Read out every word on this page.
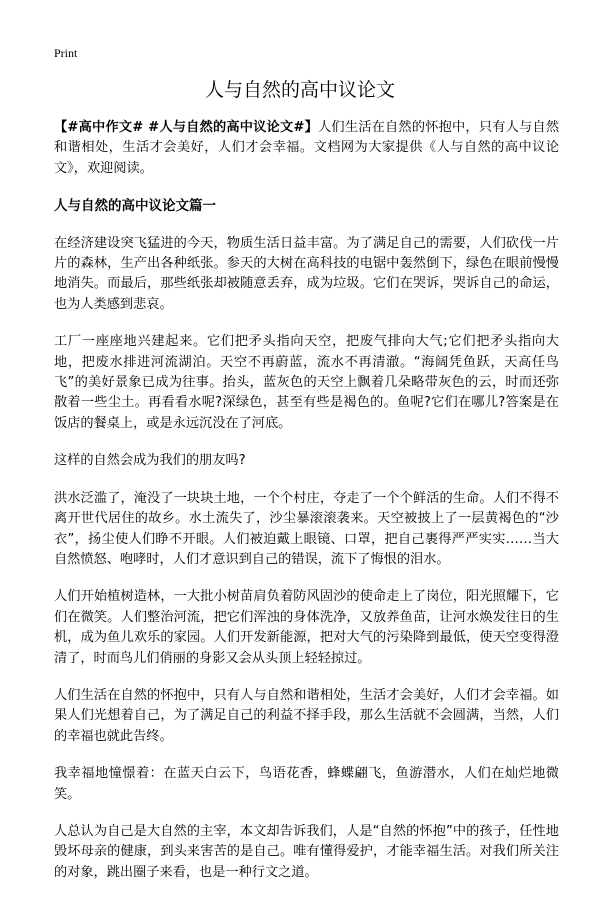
Print
人与自然的高中议论文

【#高中作文# #人与自然的高中议论文#】人们生活在自然的怀抱中，只有人与自然和谐相处，生活才会美好，人们才会幸福。文档网为大家提供《人与自然的高中议论文》，欢迎阅读。

人与自然的高中议论文篇一

在经济建设突飞猛进的今天，物质生活日益丰富。为了满足自己的需要，人们砍伐一片片的森林，生产出各种纸张。参天的大树在高科技的电锯中轰然倒下，绿色在眼前慢慢地消失。而最后，那些纸张却被随意丢弃，成为垃圾。它们在哭诉，哭诉自己的命运，也为人类感到悲哀。

工厂一座座地兴建起来。它们把矛头指向天空，把废气排向大气;它们把矛头指向大地，把废水排进河流湖泊。天空不再蔚蓝，流水不再清澈。“海阔凭鱼跃，天高任鸟飞”的美好景象已成为往事。抬头，蓝灰色的天空上飘着几朵略带灰色的云，时而还弥散着一些尘土。再看看水呢?深绿色，甚至有些是褐色的。鱼呢?它们在哪儿?答案是在饭店的餐桌上，或是永远沉没在了河底。

这样的自然会成为我们的朋友吗?

洪水泛滥了，淹没了一块块土地，一个个村庄，夺走了一个个鲜活的生命。人们不得不离开世代居住的故乡。水土流失了，沙尘暴滚滚袭来。天空被披上了一层黄褐色的“沙衣”，扬尘使人们睁不开眼。人们被迫戴上眼镜、口罩，把自己裹得严严实实……当大自然愤怒、咆哮时，人们才意识到自己的错误，流下了悔恨的泪水。

人们开始植树造林，一大批小树苗肩负着防风固沙的使命走上了岗位，阳光照耀下，它们在微笑。人们整治河流，把它们浑浊的身体洗净，又放养鱼苗，让河水焕发往日的生机，成为鱼儿欢乐的家园。人们开发新能源，把对大气的污染降到最低，使天空变得澄清了，时而鸟儿们俏丽的身影又会从头顶上轻轻掠过。

人们生活在自然的怀抱中，只有人与自然和谐相处，生活才会美好，人们才会幸福。如果人们光想着自己，为了满足自己的利益不择手段，那么生活就不会圆满，当然，人们的幸福也就此告终。

我幸福地憧憬着：在蓝天白云下，鸟语花香，蜂蝶翩飞，鱼游潜水，人们在灿烂地微笑。

人总认为自己是大自然的主宰，本文却告诉我们，人是“自然的怀抱”中的孩子，任性地毁坏母亲的健康，到头来害苦的是自己。唯有懂得爱护，才能幸福生活。对我们所关注的对象，跳出圈子来看，也是一种行文之道。
